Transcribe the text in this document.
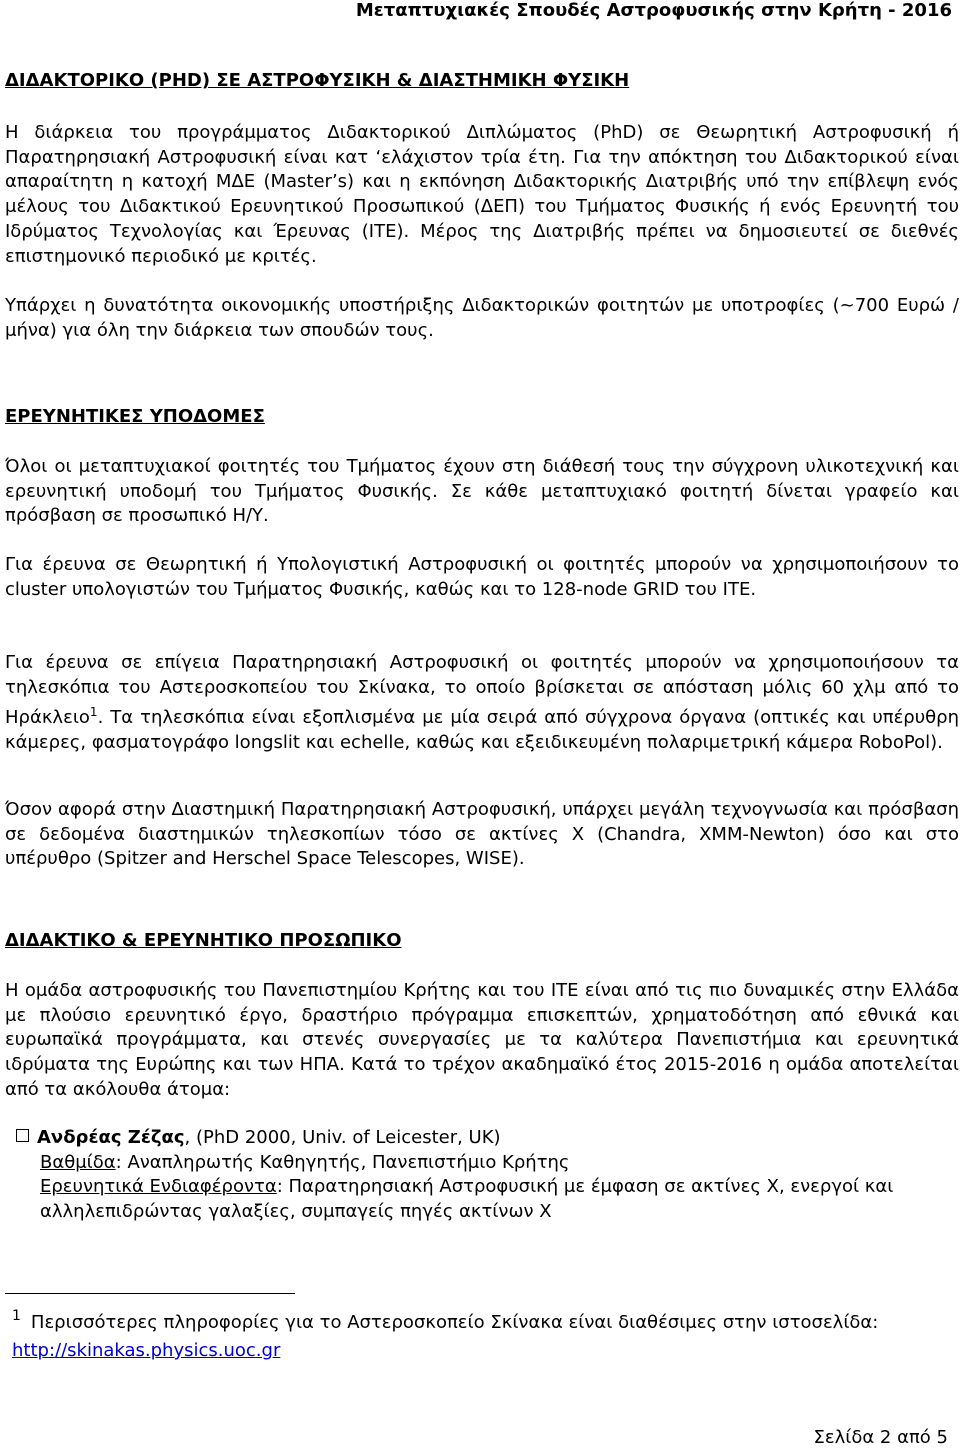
Μεταπτυχιακές Σπουδές Αστροφυσικής στην Κρήτη - 2016
ΔΙΔΑΚΤΟΡΙΚΟ (PHD) ΣΕ ΑΣΤΡΟΦΥΣΙΚΗ & ΔΙΑΣΤΗΜΙΚΗ ΦΥΣΙΚΗ
Η διάρκεια του προγράμματος Διδακτορικού Διπλώματος (PhD) σε Θεωρητική Αστροφυσική ή Παρατηρησιακή Αστροφυσική είναι κατ ‘ελάχιστον τρία έτη. Για την απόκτηση του Διδακτορικού είναι απαραίτητη η κατοχή ΜΔΕ (Master’s) και η εκπόνηση Διδακτορικής Διατριβής υπό την επίβλεψη ενός μέλους του Διδακτικού Ερευνητικού Προσωπικού (ΔΕΠ) του Τμήματος Φυσικής ή ενός Ερευνητή του Ιδρύματος Τεχνολογίας και Έρευνας (ΙΤΕ). Μέρος της Διατριβής πρέπει να δημοσιευτεί σε διεθνές επιστημονικό περιοδικό με κριτές.
Υπάρχει η δυνατότητα οικονομικής υποστήριξης Διδακτορικών φοιτητών με υποτροφίες (~700 Ευρώ / μήνα) για όλη την διάρκεια των σπουδών τους.
ΕΡΕΥΝΗΤΙΚΕΣ ΥΠΟΔΟΜΕΣ
Όλοι οι μεταπτυχιακοί φοιτητές του Τμήματος έχουν στη διάθεσή τους την σύγχρονη υλικοτεχνική και ερευνητική υποδομή του Τμήματος Φυσικής. Σε κάθε μεταπτυχιακό φοιτητή δίνεται γραφείο και πρόσβαση σε προσωπικό Η/Υ.
Για έρευνα σε Θεωρητική ή Υπολογιστική Αστροφυσική οι φοιτητές μπορούν να χρησιμοποιήσουν το cluster υπολογιστών του Τμήματος Φυσικής, καθώς και το 128-node GRID του ΙΤΕ.
Για έρευνα σε επίγεια Παρατηρησιακή Αστροφυσική οι φοιτητές μπορούν να χρησιμοποιήσουν τα τηλεσκόπια του Αστεροσκοπείου του Σκίνακα, το οποίο βρίσκεται σε απόσταση μόλις 60 χλμ από το Ηράκλειο$^1$. Τα τηλεσκόπια είναι εξοπλισμένα με μία σειρά από σύγχρονα όργανα (οπτικές και υπέρυθρη κάμερες, φασματογράφο longslit και echelle, καθώς και εξειδικευμένη πολαριμετρική κάμερα RoboPol).
Όσον αφορά στην Διαστημική Παρατηρησιακή Αστροφυσική, υπάρχει μεγάλη τεχνογνωσία και πρόσβαση σε δεδομένα διαστημικών τηλεσκοπίων τόσο σε ακτίνες Χ (Chandra, XMM-Newton) όσο και στο υπέρυθρο (Spitzer and Herschel Space Telescopes, WISE).
ΔΙΔΑΚΤΙΚΟ & ΕΡΕΥΝΗΤΙΚΟ ΠΡΟΣΩΠΙΚΟ
Η ομάδα αστροφυσικής του Πανεπιστημίου Κρήτης και του ΙΤΕ είναι από τις πιο δυναμικές στην Ελλάδα με πλούσιο ερευνητικό έργο, δραστήριο πρόγραμμα επισκεπτών, χρηματοδότηση από εθνικά και ευρωπαϊκά προγράμματα, και στενές συνεργασίες με τα καλύτερα Πανεπιστήμια και ερευνητικά ιδρύματα της Ευρώπης και των ΗΠΑ. Κατά το τρέχον ακαδημαϊκό έτος 2015-2016 η ομάδα αποτελείται από τα ακόλουθα άτομα:
Ανδρέας Ζέζας, (PhD 2000, Univ. of Leicester, UK)
Βαθμίδα: Αναπληρωτής Καθηγητής, Πανεπιστήμιο Κρήτης
Ερευνητικά Ενδιαφέροντα: Παρατηρησιακή Αστροφυσική με έμφαση σε ακτίνες Χ, ενεργοί και αλληλεπιδρώντας γαλαξίες, συμπαγείς πηγές ακτίνων Χ
$^1$ Περισσότερες πληροφορίες για το Αστεροσκοπείο Σκίνακα είναι διαθέσιμες στην ιστοσελίδα:
http://skinakas.physics.uoc.gr
Σελίδα 2 από 5
